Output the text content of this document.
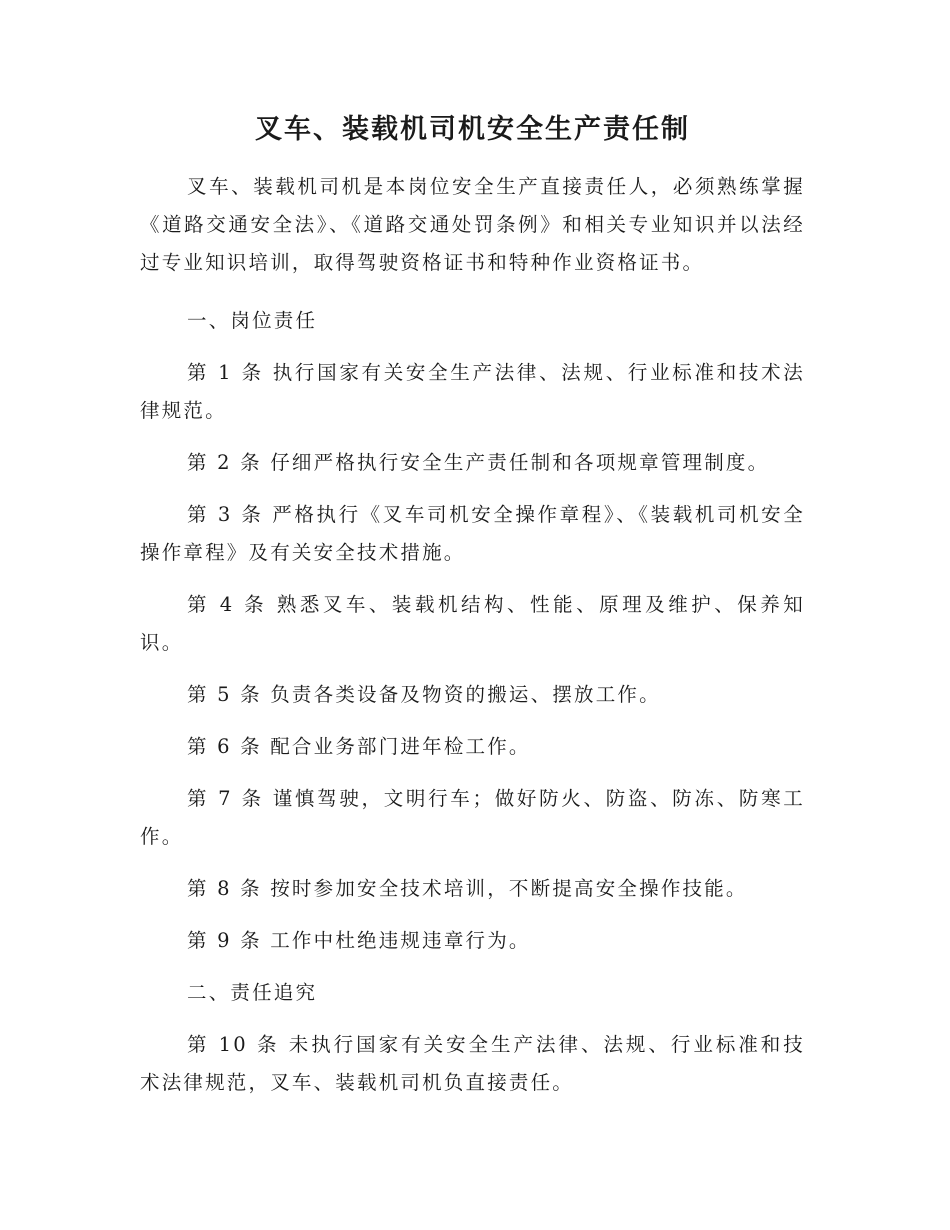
叉车、装载机司机安全生产责任制

叉车、装载机司机是本岗位安全生产直接责任人，必须熟练掌握《道路交通安全法》、《道路交通处罚条例》和相关专业知识并以法经过专业知识培训，取得驾驶资格证书和特种作业资格证书。

一、岗位责任

第 1 条 执行国家有关安全生产法律、法规、行业标准和技术法律规范。

第 2 条 仔细严格执行安全生产责任制和各项规章管理制度。

第 3 条 严格执行《叉车司机安全操作章程》、《装载机司机安全操作章程》及有关安全技术措施。

第 4 条 熟悉叉车、装载机结构、性能、原理及维护、保养知识。

第 5 条 负责各类设备及物资的搬运、摆放工作。

第 6 条 配合业务部门进年检工作。

第 7 条 谨慎驾驶，文明行车；做好防火、防盗、防冻、防寒工作。

第 8 条 按时参加安全技术培训，不断提高安全操作技能。

第 9 条 工作中杜绝违规违章行为。

二、责任追究

第 10 条 未执行国家有关安全生产法律、法规、行业标准和技术法律规范，叉车、装载机司机负直接责任。
